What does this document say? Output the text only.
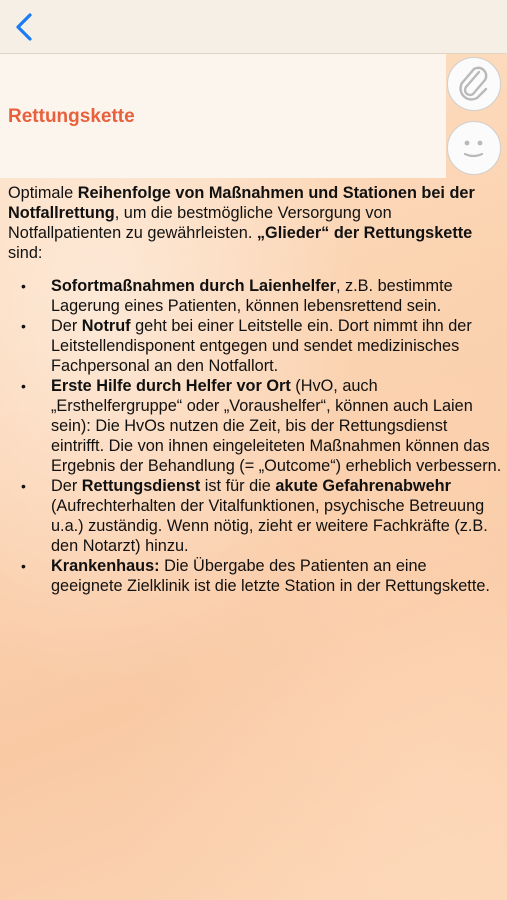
Rettungskette

Optimale Reihenfolge von Maßnahmen und Stationen bei der Notfallrettung, um die bestmögliche Versorgung von Notfallpatienten zu gewährleisten. „Glieder“ der Rettungskette sind:

• Sofortmaßnahmen durch Laienhelfer, z.B. bestimmte Lagerung eines Patienten, können lebensrettend sein.
• Der Notruf geht bei einer Leitstelle ein. Dort nimmt ihn der Leitstellendisponent entgegen und sendet medizinisches Fachpersonal an den Notfallort.
• Erste Hilfe durch Helfer vor Ort (HvO, auch „Ersthelfergruppe“ oder „Voraushelfer“, können auch Laien sein): Die HvOs nutzen die Zeit, bis der Rettungsdienst eintrifft. Die von ihnen eingeleiteten Maßnahmen können das Ergebnis der Behandlung (= „Outcome“) erheblich verbessern.
• Der Rettungsdienst ist für die akute Gefahrenabwehr (Aufrechterhalten der Vitalfunktionen, psychische Betreuung u.a.) zuständig. Wenn nötig, zieht er weitere Fachkräfte (z.B. den Notarzt) hinzu.
• Krankenhaus: Die Übergabe des Patienten an eine geeignete Zielklinik ist die letzte Station in der Rettungskette.
